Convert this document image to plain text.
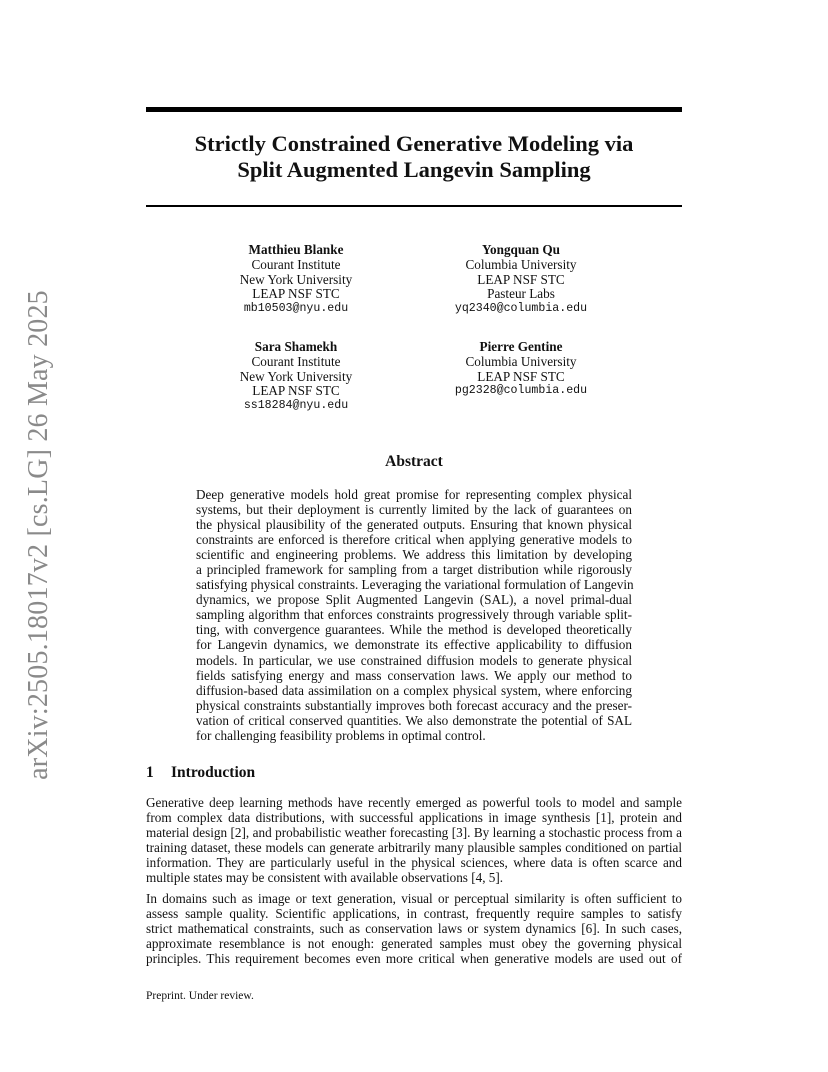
arXiv:2505.18017v2 [cs.LG] 26 May 2025
Strictly Constrained Generative Modeling via
Split Augmented Langevin Sampling
Matthieu Blanke
Courant Institute
New York University
LEAP NSF STC
mb10503@nyu.edu
Yongquan Qu
Columbia University
LEAP NSF STC
Pasteur Labs
yq2340@columbia.edu
Sara Shamekh
Courant Institute
New York University
LEAP NSF STC
ss18284@nyu.edu
Pierre Gentine
Columbia University
LEAP NSF STC
pg2328@columbia.edu
Abstract
Deep generative models hold great promise for representing complex physical
systems, but their deployment is currently limited by the lack of guarantees on
the physical plausibility of the generated outputs. Ensuring that known physical
constraints are enforced is therefore critical when applying generative models to
scientific and engineering problems. We address this limitation by developing
a principled framework for sampling from a target distribution while rigorously
satisfying physical constraints. Leveraging the variational formulation of Langevin
dynamics, we propose Split Augmented Langevin (SAL), a novel primal-dual
sampling algorithm that enforces constraints progressively through variable split-
ting, with convergence guarantees. While the method is developed theoretically
for Langevin dynamics, we demonstrate its effective applicability to diffusion
models. In particular, we use constrained diffusion models to generate physical
fields satisfying energy and mass conservation laws. We apply our method to
diffusion-based data assimilation on a complex physical system, where enforcing
physical constraints substantially improves both forecast accuracy and the preser-
vation of critical conserved quantities. We also demonstrate the potential of SAL
for challenging feasibility problems in optimal control.
1 Introduction
Generative deep learning methods have recently emerged as powerful tools to model and sample
from complex data distributions, with successful applications in image synthesis [1], protein and
material design [2], and probabilistic weather forecasting [3]. By learning a stochastic process from a
training dataset, these models can generate arbitrarily many plausible samples conditioned on partial
information. They are particularly useful in the physical sciences, where data is often scarce and
multiple states may be consistent with available observations [4, 5].
In domains such as image or text generation, visual or perceptual similarity is often sufficient to
assess sample quality. Scientific applications, in contrast, frequently require samples to satisfy
strict mathematical constraints, such as conservation laws or system dynamics [6]. In such cases,
approximate resemblance is not enough: generated samples must obey the governing physical
principles. This requirement becomes even more critical when generative models are used out of
Preprint. Under review.
